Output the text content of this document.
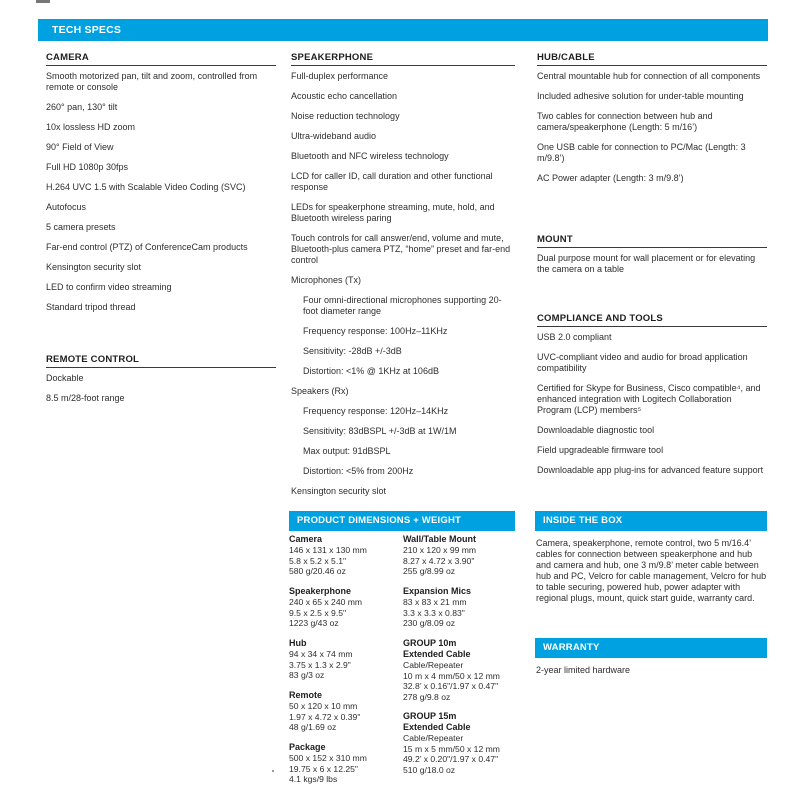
TECH SPECS
CAMERA
Smooth motorized pan, tilt and zoom, controlled from remote or console
260° pan, 130° tilt
10x lossless HD zoom
90° Field of View
Full HD 1080p 30fps
H.264 UVC 1.5 with Scalable Video Coding (SVC)
Autofocus
5 camera presets
Far-end control (PTZ) of ConferenceCam products
Kensington security slot
LED to confirm video streaming
Standard tripod thread
REMOTE CONTROL
Dockable
8.5 m/28-foot range
SPEAKERPHONE
Full-duplex performance
Acoustic echo cancellation
Noise reduction technology
Ultra-wideband audio
Bluetooth and NFC wireless technology
LCD for caller ID, call duration and other functional response
LEDs for speakerphone streaming, mute, hold, and Bluetooth wireless paring
Touch controls for call answer/end, volume and mute, Bluetooth-plus camera PTZ, “home” preset and far-end control
Microphones (Tx)
Four omni-directional microphones supporting 20-foot diameter range
Frequency response: 100Hz–11KHz
Sensitivity: -28dB +/-3dB
Distortion: <1% @ 1KHz at 106dB
Speakers (Rx)
Frequency response: 120Hz–14KHz
Sensitivity: 83dBSPL +/-3dB at 1W/1M
Max output: 91dBSPL
Distortion: <5% from 200Hz
Kensington security slot
PRODUCT DIMENSIONS + WEIGHT
Camera
146 x 131 x 130 mm
5.8 x 5.2 x 5.1"
580 g/20.46 oz
Speakerphone
240 x 65 x 240 mm
9.5 x 2.5 x 9.5"
1223 g/43 oz
Hub
94 x 34 x 74 mm
3.75 x 1.3 x 2.9"
83 g/3 oz
Remote
50 x 120 x 10 mm
1.97 x 4.72 x 0.39"
48 g/1.69 oz
Package
500 x 152 x 310 mm
19.75 x 6 x 12.25"
4.1 kgs/9 lbs
Wall/Table Mount
210 x 120 x 99 mm
8.27 x 4.72 x 3.90"
255 g/8.99 oz
Expansion Mics
83 x 83 x 21 mm
3.3 x 3.3 x 0.83"
230 g/8.09 oz
GROUP 10m Extended Cable
Cable/Repeater
10 m x 4 mm/50 x 12 mm
32.8’ x 0.16"/1.97 x 0.47"
278 g/9.8 oz
GROUP 15m Extended Cable
Cable/Repeater
15 m x 5 mm/50 x 12 mm
49.2’ x 0.20"/1.97 x 0.47"
510 g/18.0 oz
HUB/CABLE
Central mountable hub for connection of all components
Included adhesive solution for under-table mounting
Two cables for connection between hub and camera/speakerphone (Length: 5 m/16’)
One USB cable for connection to PC/Mac (Length: 3 m/9.8’)
AC Power adapter (Length: 3 m/9.8’)
MOUNT
Dual purpose mount for wall placement or for elevating the camera on a table
COMPLIANCE AND TOOLS
USB 2.0 compliant
UVC-compliant video and audio for broad application compatibility
Certified for Skype for Business, Cisco compatible⁴, and enhanced integration with Logitech Collaboration Program (LCP) members⁵
Downloadable diagnostic tool
Field upgradeable firmware tool
Downloadable app plug-ins for advanced feature support
INSIDE THE BOX
Camera, speakerphone, remote control, two 5 m/16.4’ cables for connection between speakerphone and hub and camera and hub, one 3 m/9.8’ meter cable between hub and PC, Velcro for cable management, Velcro for hub to table securing, powered hub, power adapter with regional plugs, mount, quick start guide, warranty card.
WARRANTY
2-year limited hardware
